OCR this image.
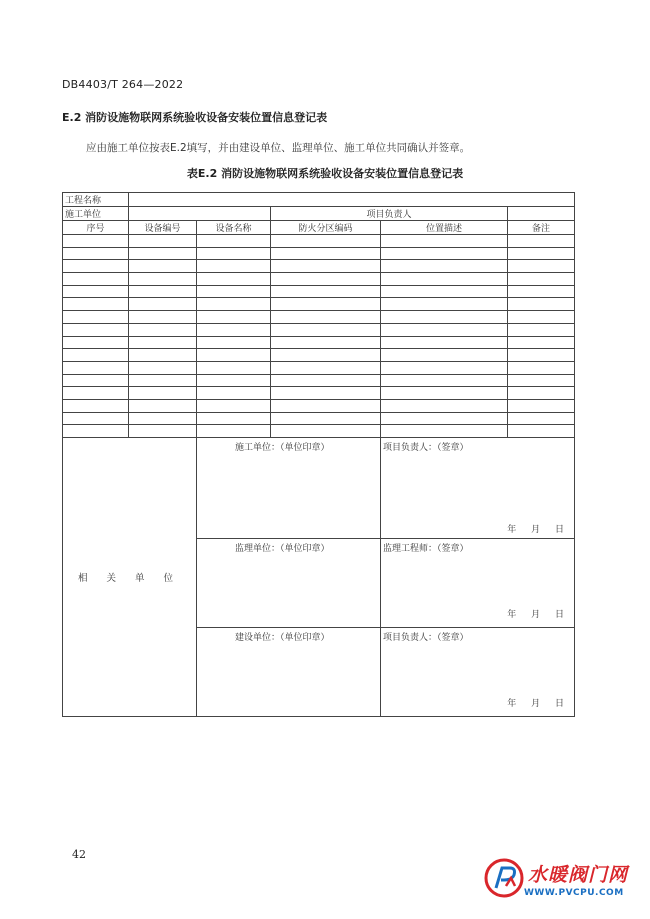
DB4403/T 264—2022
E.2 消防设施物联网系统验收设备安装位置信息登记表
应由施工单位按表E.2填写，并由建设单位、监理单位、施工单位共同确认并签章。
表E.2 消防设施物联网系统验收设备安装位置信息登记表
工程名称					
施工单位			项目负责人		
序号	设备编号	设备名称	防火分区编码	位置描述	备注

相 关 单 位		施工单位：（单位印章）		项目负责人：（签章）
年 月 日	

		监理单位：（单位印章）		监理工程师：（签章）
年 月 日	

		建设单位：（单位印章）		项目负责人：（签章）
年 月 日	
42
水暖阀门网
WWW.PVCPU.COM
